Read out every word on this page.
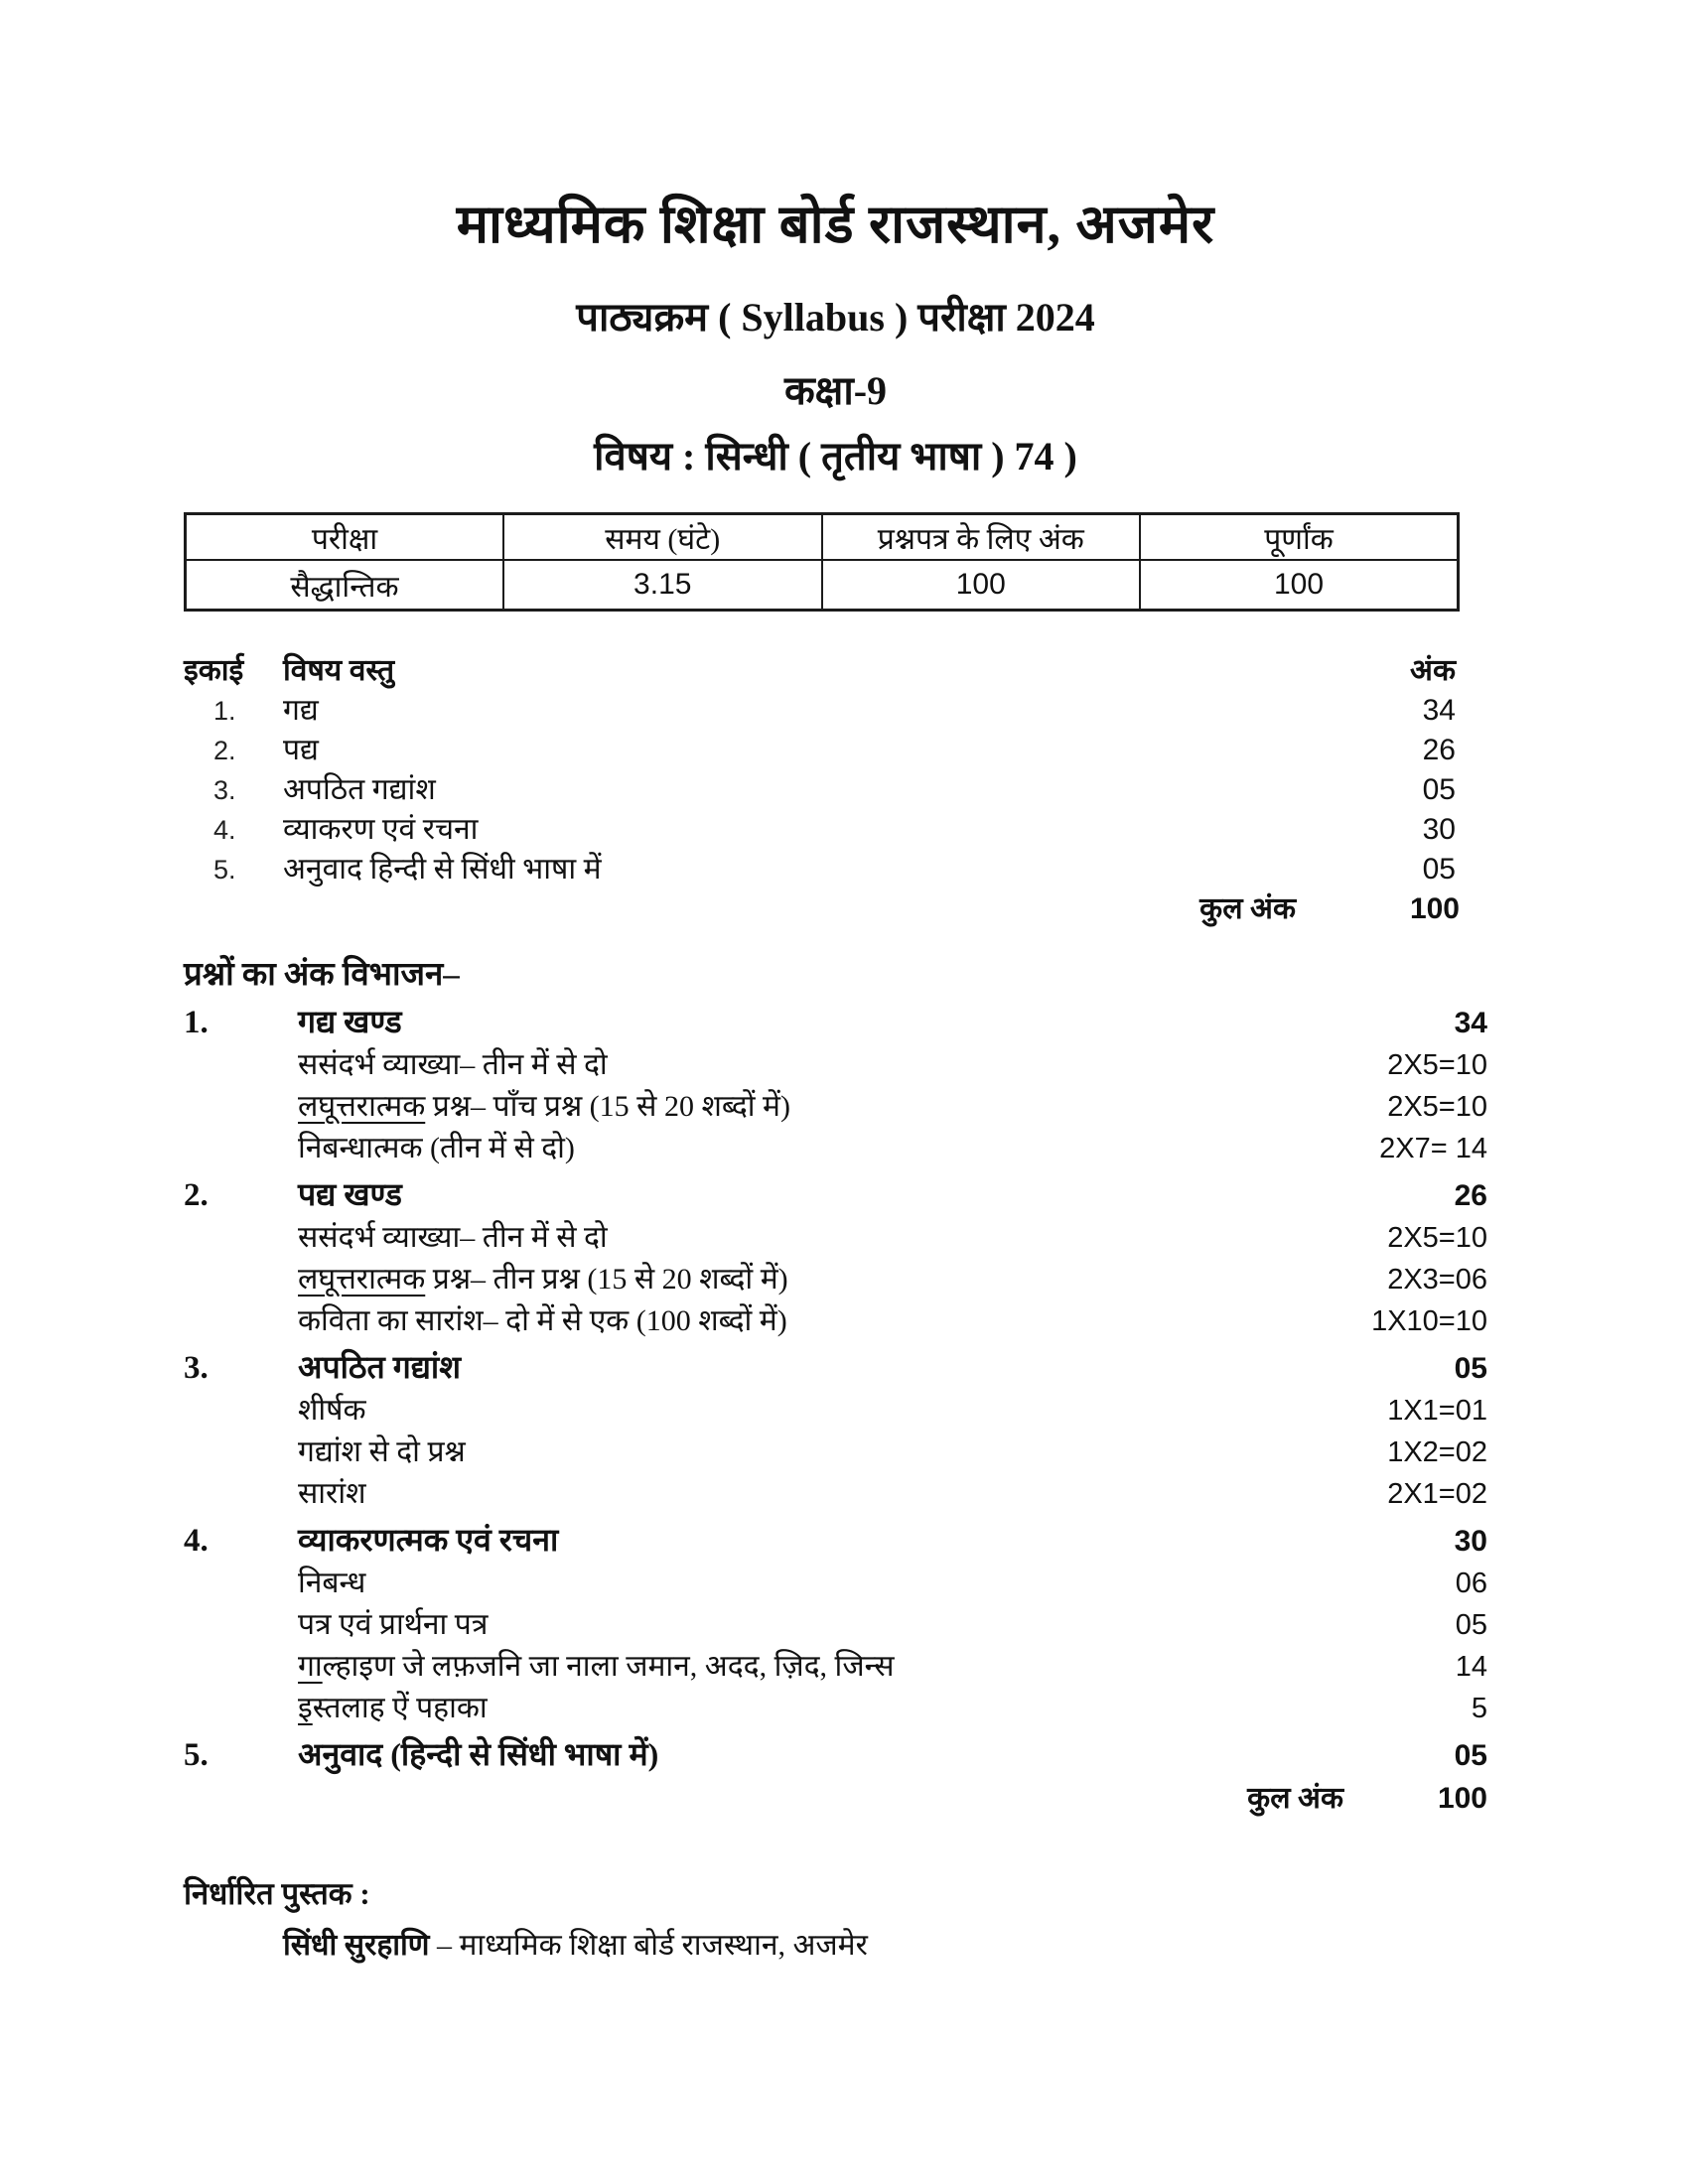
माध्यमिक शिक्षा बोर्ड राजस्थान, अजमेर
पाठ्यक्रम ( Syllabus ) परीक्षा 2024
कक्षा-9
विषय : सिन्धी ( तृतीय भाषा ) 74 )
परीक्षा	समय (घंटे)	प्रश्नपत्र के लिए अंक	पूर्णांक
सैद्धान्तिक	3.15	100	100
इकाई	विषय वस्तु	अंक
1.	गद्य	34
2.	पद्य	26
3.	अपठित गद्यांश	05
4.	व्याकरण एवं रचना	30
5.	अनुवाद हिन्दी से सिंधी भाषा में	05
कुल अंक	100
प्रश्नों का अंक विभाजन–
1.	गद्य खण्ड	34
ससंदर्भ व्याख्या– तीन में से दो	2X5=10
लघूत्तरात्मक प्रश्न– पाँच प्रश्न (15 से 20 शब्दों में)	2X5=10
निबन्धात्मक (तीन में से दो)	2X7= 14
2.	पद्य खण्ड	26
ससंदर्भ व्याख्या– तीन में से दो	2X5=10
लघूत्तरात्मक प्रश्न– तीन प्रश्न (15 से 20 शब्दों में)	2X3=06
कविता का सारांश– दो में से एक (100 शब्दों में)	1X10=10
3.	अपठित गद्यांश	05
शीर्षक	1X1=01
गद्यांश से दो प्रश्न	1X2=02
सारांश	2X1=02
4.	व्याकरणत्मक एवं रचना	30
निबन्ध	06
पत्र एवं प्रार्थना पत्र	05
गाल्हाइण जे लफ़जनि जा नाला जमान, अदद, ज़िद, जिन्स	14
इस्तलाह ऐं पहाका	5
5.	अनुवाद (हिन्दी से सिंधी भाषा में)	05
कुल अंक	100
निर्धारित पुस्तक :
सिंधी सुरहाणि – माध्यमिक शिक्षा बोर्ड राजस्थान, अजमेर
